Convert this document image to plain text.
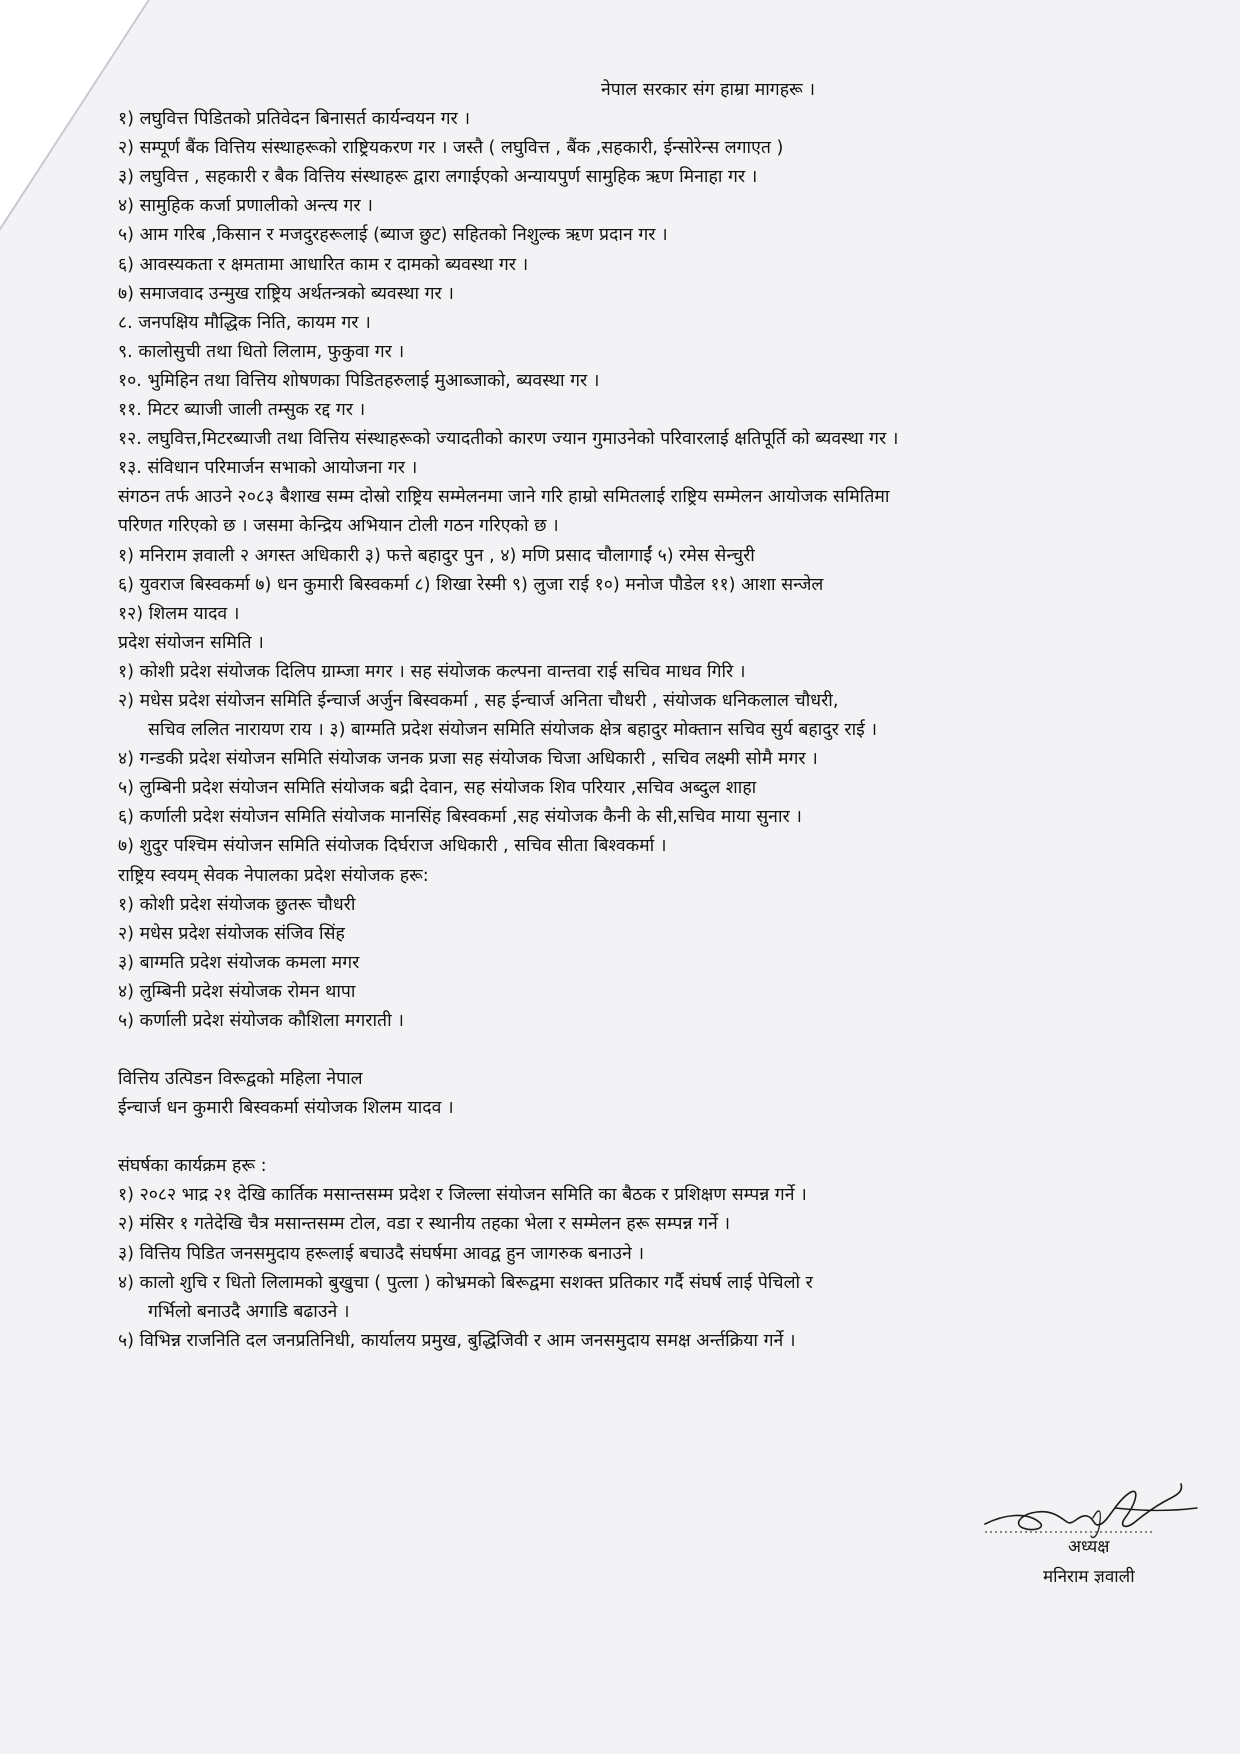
नेपाल सरकार संग हाम्रा मागहरू ।
१) लघुवित्त पिडितको प्रतिवेदन बिनासर्त कार्यन्वयन गर ।
२) सम्पूर्ण बैंक वित्तिय संस्थाहरूको राष्ट्रियकरण गर । जस्तै ( लघुवित्त , बैंक ,सहकारी, ईन्सोरेन्स लगाएत )
३) लघुवित्त , सहकारी र बैक वित्तिय संस्थाहरू द्वारा लगाईएको अन्यायपुर्ण सामुहिक ऋण मिनाहा गर ।
४) सामुहिक कर्जा प्रणालीको अन्त्य गर ।
५) आम गरिब ,किसान र मजदुरहरूलाई (ब्याज छुट) सहितको निशुल्क ऋण प्रदान गर ।
६) आवस्यकता र क्षमतामा आधारित काम र दामको ब्यवस्था गर ।
७) समाजवाद उन्मुख राष्ट्रिय अर्थतन्त्रको ब्यवस्था गर ।
८. जनपक्षिय मौद्धिक निति, कायम गर ।
९. कालोसुची तथा धितो लिलाम, फुकुवा गर ।
१०. भुमिहिन तथा वित्तिय शोषणका पिडितहरुलाई मुआब्जाको, ब्यवस्था गर ।
११. मिटर ब्याजी जाली तम्सुक रद्द गर ।
१२. लघुवित्त,मिटरब्याजी तथा वित्तिय संस्थाहरूको ज्यादतीको कारण ज्यान गुमाउनेको परिवारलाई क्षतिपूर्ति को ब्यवस्था गर ।
१३. संविधान परिमार्जन सभाको आयोजना गर ।
संगठन तर्फ आउने २०८३ बैशाख सम्म दोस्रो राष्ट्रिय सम्मेलनमा जाने गरि हाम्रो समितलाई राष्ट्रिय सम्मेलन आयोजक समितिमा
परिणत गरिएको छ । जसमा केन्द्रिय अभियान टोली गठन गरिएको छ ।
१) मनिराम ज्ञवाली २ अगस्त अधिकारी ३) फत्ते बहादुर पुन , ४) मणि प्रसाद चौलागाईं ५) रमेस सेन्चुरी
६) युवराज बिस्वकर्मा ७) धन कुमारी बिस्वकर्मा ८) शिखा रेस्मी ९) लुजा राई १०) मनोज पौडेल ११) आशा सन्जेल
१२) शिलम यादव ।
प्रदेश संयोजन समिति ।
१) कोशी प्रदेश संयोजक दिलिप ग्राम्जा मगर । सह संयोजक कल्पना वान्तवा राई सचिव माधव गिरि ।
२) मधेस प्रदेश संयोजन समिति ईन्चार्ज अर्जुन बिस्वकर्मा , सह ईन्चार्ज अनिता चौधरी , संयोजक धनिकलाल चौधरी,
सचिव ललित नारायण राय । ३) बाग्मति प्रदेश संयोजन समिति संयोजक क्षेत्र बहादुर मोक्तान सचिव सुर्य बहादुर राई ।
४) गन्डकी प्रदेश संयोजन समिति संयोजक जनक प्रजा सह संयोजक चिजा अधिकारी , सचिव लक्ष्मी सोमै मगर ।
५) लुम्बिनी प्रदेश संयोजन समिति संयोजक बद्री देवान, सह संयोजक शिव परियार ,सचिव अब्दुल शाहा
६) कर्णाली प्रदेश संयोजन समिति संयोजक मानसिंह बिस्वकर्मा ,सह संयोजक कैनी के सी,सचिव माया सुनार ।
७) शुदुर पश्चिम संयोजन समिति संयोजक दिर्घराज अधिकारी , सचिव सीता बिश्वकर्मा ।
राष्ट्रिय स्वयम् सेवक नेपालका प्रदेश संयोजक हरू:
१) कोशी प्रदेश संयोजक छुतरू चौधरी
२) मधेस प्रदेश संयोजक संजिव सिंह
३) बाग्मति प्रदेश संयोजक कमला मगर
४) लुम्बिनी प्रदेश संयोजक रोमन थापा
५) कर्णाली प्रदेश संयोजक कौशिला मगराती ।
वित्तिय उत्पिडन विरूद्वको महिला नेपाल
ईन्चार्ज धन कुमारी बिस्वकर्मा संयोजक शिलम यादव ।
संघर्षका कार्यक्रम हरू :
१) २०८२ भाद्र २१ देखि कार्तिक मसान्तसम्म प्रदेश र जिल्ला संयोजन समिति का बैठक र प्रशिक्षण सम्पन्न गर्ने ।
२) मंसिर १ गतेदेखि चैत्र मसान्तसम्म टोल, वडा र स्थानीय तहका भेला र सम्मेलन हरू सम्पन्न गर्ने ।
३) वित्तिय पिडित जनसमुदाय हरूलाई बचाउदै संघर्षमा आवद्व हुन जागरुक बनाउने ।
४) कालो शुचि र धितो लिलामको बुखुचा ( पुत्ला ) कोभ्रमको बिरूद्वमा सशक्त प्रतिकार गर्दै संघर्ष लाई पेचिलो र
गर्भिलो बनाउदै अगाडि बढाउने ।
५) विभिन्न राजनिति दल जनप्रतिनिधी, कार्यालय प्रमुख, बुद्धिजिवी र आम जनसमुदाय समक्ष अर्न्तक्रिया गर्ने ।
अध्यक्ष
मनिराम ज्ञवाली
